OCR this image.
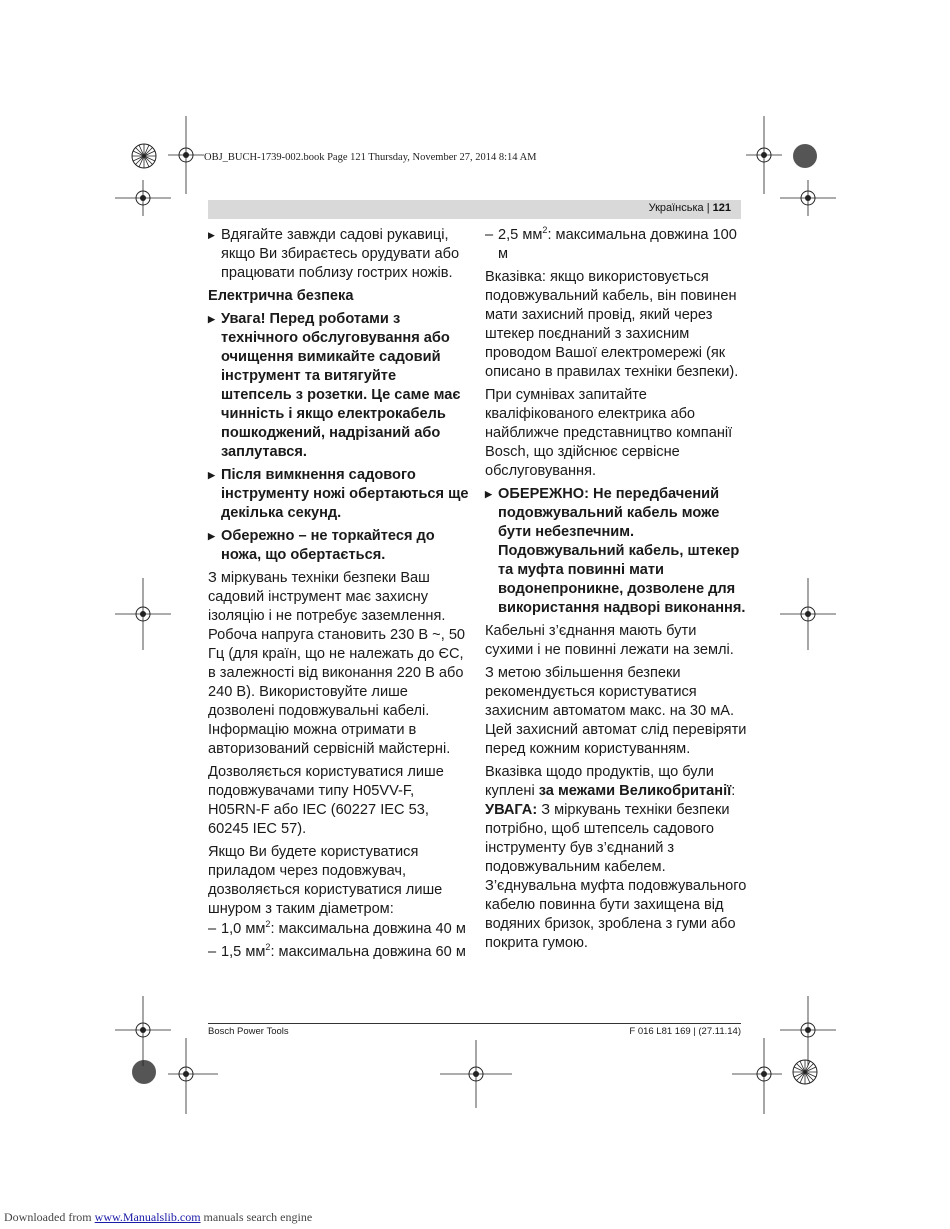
OBJ_BUCH-1739-002.book Page 121 Thursday, November 27, 2014 8:14 AM
Українська | 121
▶ Вдягайте завжди садові рукавиці, якщо Ви збираєтесь орудувати або працювати поблизу гострих ножів.
Електрична безпека
▶ Увага! Перед роботами з технічного обслуговування або очищення вимикайте садовий інструмент та витягуйте штепсель з розетки. Це саме має чинність і якщо електрокабель пошкоджений, надрізаний або заплутався.
▶ Після вимкнення садового інструменту ножі обертаються ще декілька секунд.
▶ Обережно – не торкайтеся до ножа, що обертається.

З міркувань техніки безпеки Ваш садовий інструмент має захисну ізоляцію і не потребує заземлення. Робоча напруга становить 230 В ~, 50 Гц (для країн, що не належать до ЄС, в залежності від виконання 220 В або 240 В). Використовуйте лише дозволені подовжувальні кабелі. Інформацію можна отримати в авторизований сервісній майстерні.

Дозволяється користуватися лише подовжувачами типу H05VV-F, H05RN-F або IEC (60227 IEC 53, 60245 IEC 57).

Якщо Ви будете користуватися приладом через подовжувач, дозволяється користуватися лише шнуром з таким діаметром:

– 1,0 $мм^2$: максимальна довжина 40 м
– 1,5 $мм^2$: максимальна довжина 60 м
– 2,5 $мм^2$: максимальна довжина 100 м

Вказівка: якщо використовується подовжувальний кабель, він повинен мати захисний провід, який через штекер поєднаний з захисним проводом Вашої електромережі (як описано в правилах техніки безпеки).

При сумнівах запитайте кваліфікованого електрика або найближче представництво компанії Bosch, що здійснює сервісне обслуговування.

▶ ОБЕРЕЖНО: Не передбачений подовжувальний кабель може бути небезпечним. Подовжувальний кабель, штекер та муфта повинні мати водонепроникне, дозволене для використання надворі виконання.

Кабельні з’єднання мають бути сухими і не повинні лежати на землі.

З метою збільшення безпеки рекомендується користуватися захисним автоматом макс. на 30 мА. Цей захисний автомат слід перевіряти перед кожним користуванням.

Вказівка щодо продуктів, що були куплені за межами Великобританії:

УВАГА: З міркувань техніки безпеки потрібно, щоб штепсель садового інструменту був з’єднаний з подовжувальним кабелем. З’єднувальна муфта подовжувального кабелю повинна бути захищена від водяних бризок, зроблена з гуми або покрита гумою.

Bosch Power Tools	F 016 L81 169 | (27.11.14)
Downloaded from www.Manualslib.com manuals search engine
